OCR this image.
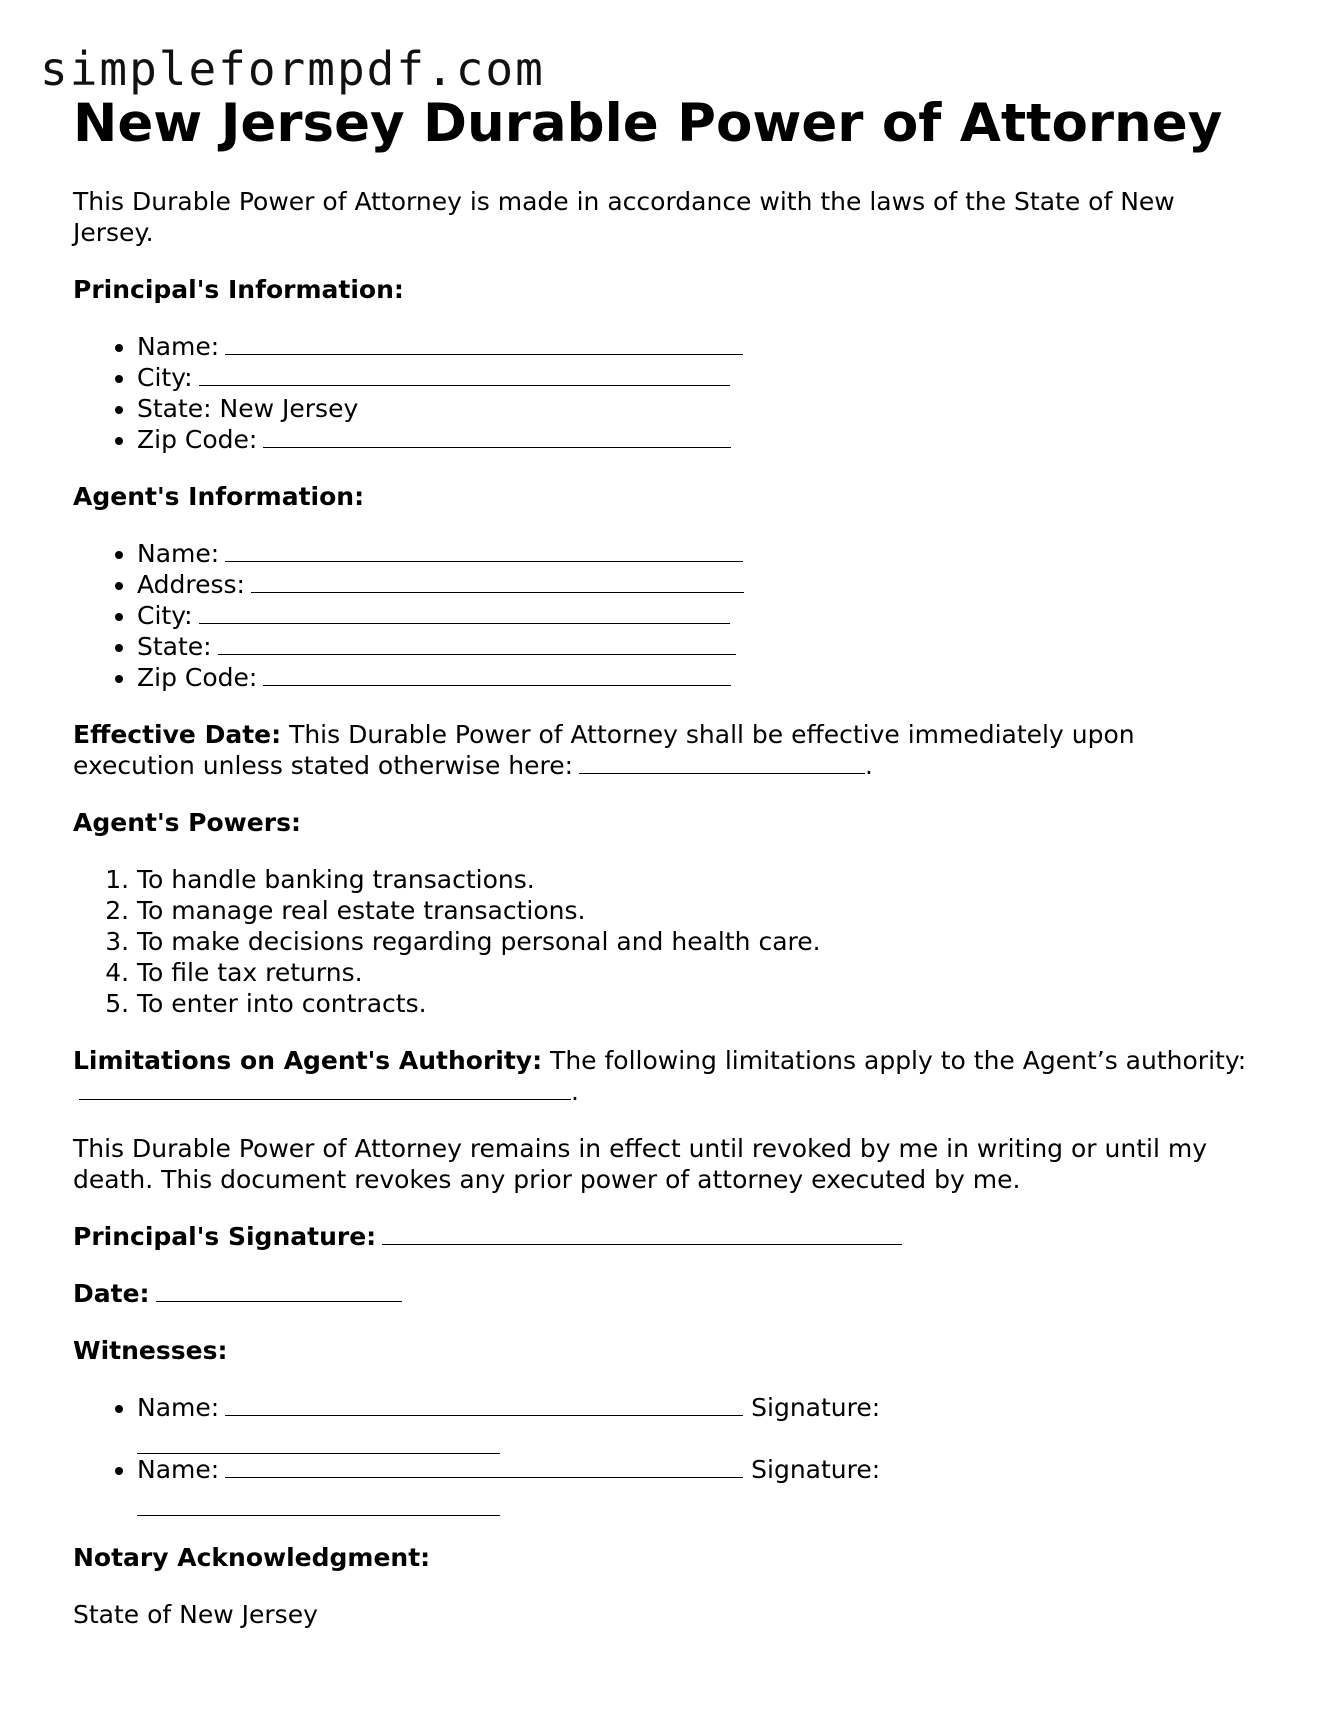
simpleformpdf.com
New Jersey Durable Power of Attorney

This Durable Power of Attorney is made in accordance with the laws of the State of New Jersey.

Principal's Information:

• Name:
• City:
• State: New Jersey
• Zip Code:

Agent's Information:

• Name:
• Address:
• City:
• State:
• Zip Code:

Effective Date: This Durable Power of Attorney shall be effective immediately upon execution unless stated otherwise here:	.

Agent's Powers:

1. To handle banking transactions.
2. To manage real estate transactions.
3. To make decisions regarding personal and health care.
4. To file tax returns.
5. To enter into contracts.

Limitations on Agent's Authority: The following limitations apply to the Agent’s authority:.

This Durable Power of Attorney remains in effect until revoked by me in writing or until my death. This document revokes any prior power of attorney executed by me.

Principal's Signature:

Date:

Witnesses:

• Name:	Signature:
• Name:	Signature:

Notary Acknowledgment:

State of New Jersey
